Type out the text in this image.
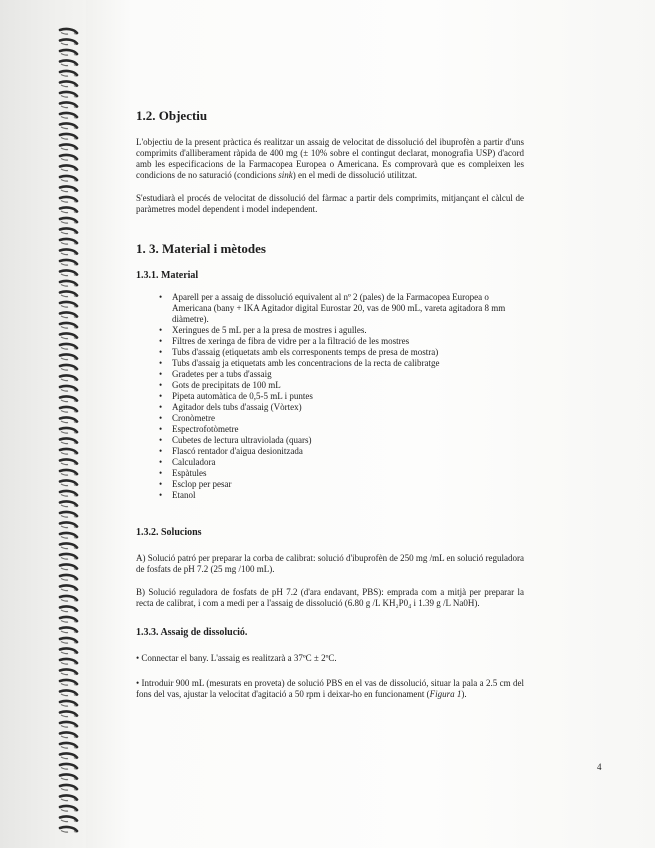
1.2. Objectiu

L'objectiu de la present pràctica és realitzar un assaig de velocitat de dissolució del ibuprofèn a partir d'uns comprimits d'alliberament ràpida de 400 mg (± 10% sobre el contingut declarat, monografia USP) d'acord amb les especificacions de la Farmacopea Europea o Americana. Es comprovarà que es compleixen les condicions de no saturació (condicions sink) en el medi de dissolució utilitzat.

S'estudiarà el procés de velocitat de dissolució del fàrmac a partir dels comprimits, mitjançant el càlcul de paràmetres model dependent i model independent.

1. 3. Material i mètodes
1.3.1. Material
• Aparell per a assaig de dissolució equivalent al nº 2 (pales) de la Farmacopea Europea o Americana (bany + IKA Agitador digital Eurostar 20, vas de 900 mL, vareta agitadora 8 mm diàmetre).
• Xeringues de 5 mL per a la presa de mostres i agulles.
• Filtres de xeringa de fibra de vidre per a la filtració de les mostres
• Tubs d'assaig (etiquetats amb els corresponents temps de presa de mostra)
• Tubs d'assaig ja etiquetats amb les concentracions de la recta de calibratge
• Gradetes per a tubs d'assaig
• Gots de precipitats de 100 mL
• Pipeta automàtica de 0,5-5 mL i puntes
• Agitador dels tubs d'assaig (Vòrtex)
• Cronòmetre
• Espectrofotòmetre
• Cubetes de lectura ultraviolada (quars)
• Flascó rentador d'aigua desionitzada
• Calculadora
• Espàtules
• Esclop per pesar
• Etanol
1.3.2. Solucions

A) Solució patró per preparar la corba de calibrat: solució d'ibuprofèn de 250 mg /mL en solució reguladora de fosfats de pH 7.2 (25 mg /100 mL).

B) Solució reguladora de fosfats de pH 7.2 (d'ara endavant, PBS): emprada com a mitjà per preparar la recta de calibrat, i com a medi per a l'assaig de dissolució (6.80 g /L KH₂P0₄ i 1.39 g /L Na0H).

1.3.3. Assaig de dissolució.

• Connectar el bany. L'assaig es realitzarà a 37ºC ± 2ºC.

• Introduir 900 mL (mesurats en proveta) de solució PBS en el vas de dissolució, situar la pala a 2.5 cm del fons del vas, ajustar la velocitat d'agitació a 50 rpm i deixar-ho en funcionament (Figura 1).

4
